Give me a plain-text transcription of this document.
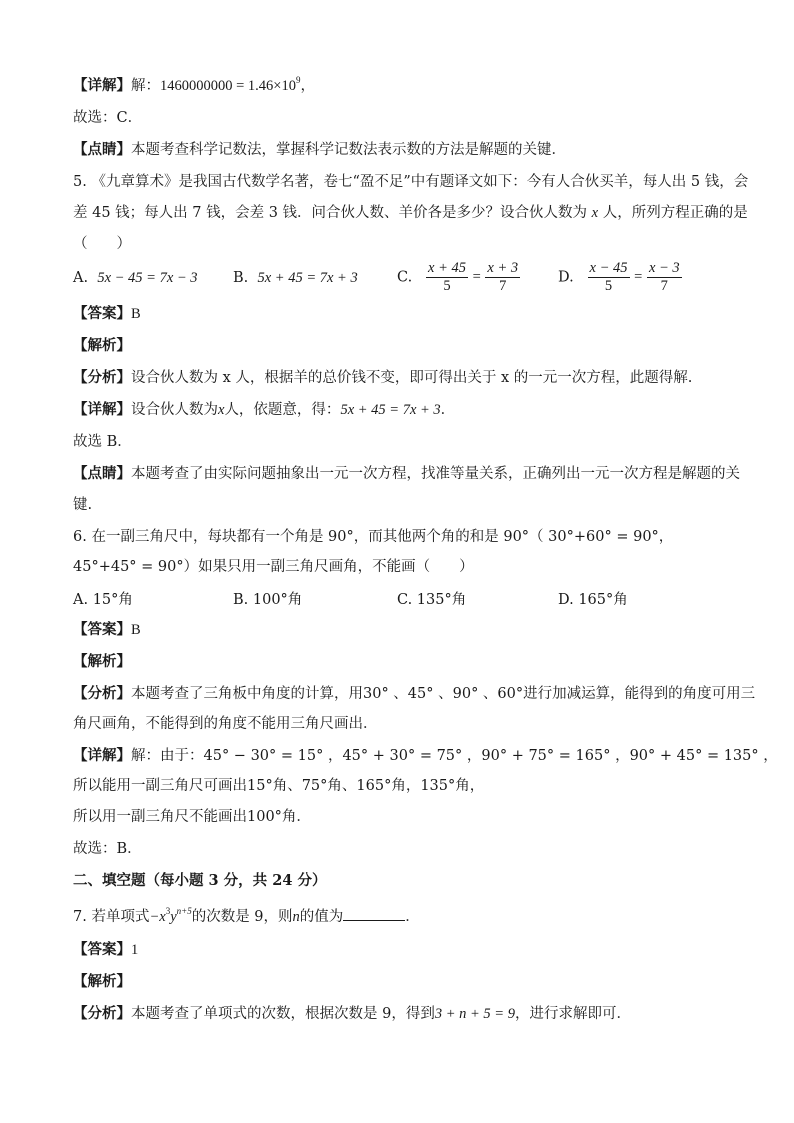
【详解】解：$1460000000 = 1.46\times 10^9$，
故选：C．
【点睛】本题考查科学记数法，掌握科学记数法表示数的方法是解题的关键．
5. 《九章算术》是我国古代数学名著，卷七“盈不足”中有题译文如下：今有人合伙买羊，每人出 5 钱，会
差 45 钱；每人出 7 钱，会差 3 钱．问合伙人数、羊价各是多少？设合伙人数为 x 人，所列方程正确的是
（　　）
A. 5x − 45 = 7x − 3 B. 5x + 45 = 7x + 3	C. $\frac{x + 45}{5} = \frac{x + 3}{7}$	D. $\frac{x - 45}{5} = \frac{x - 3}{7}$
【答案】B
【解析】
【分析】设合伙人数为 x 人，根据羊的总价钱不变，即可得出关于 x 的一元一次方程，此题得解.
【详解】设合伙人数为x人，依题意，得：5x + 45 = 7x + 3．
故选 B．
【点睛】本题考查了由实际问题抽象出一元一次方程，找准等量关系，正确列出一元一次方程是解题的关
键.
6. 在一副三角尺中，每块都有一个角是 90°，而其他两个角的和是 90°（ 30°+60° = 90°，
45°+45° = 90°）如果只用一副三角尺画角，不能画（　　）
A. 15°角	B. 100°角	C. 135°角	D. 165°角
【答案】B
【解析】
【分析】本题考查了三角板中角度的计算，用30° 、45° 、90° 、60°进行加减运算，能得到的角度可用三
角尺画角，不能得到的角度不能用三角尺画出．
【详解】解：由于：45° − 30° = 15° ，45° + 30° = 75° ，90° + 75° = 165° ，90° + 45° = 135° ，
所以能用一副三角尺可画出15°角、75°角、165°角，135°角，
所以用一副三角尺不能画出100°角．
故选：B．
二、填空题（每小题 3 分，共 24 分）
7. 若单项式$-x^3y^{n+5}$的次数是 9，则n的值为	．
【答案】1
【解析】
【分析】本题考查了单项式的次数，根据次数是 9，得到3 + n + 5 = 9，进行求解即可．
